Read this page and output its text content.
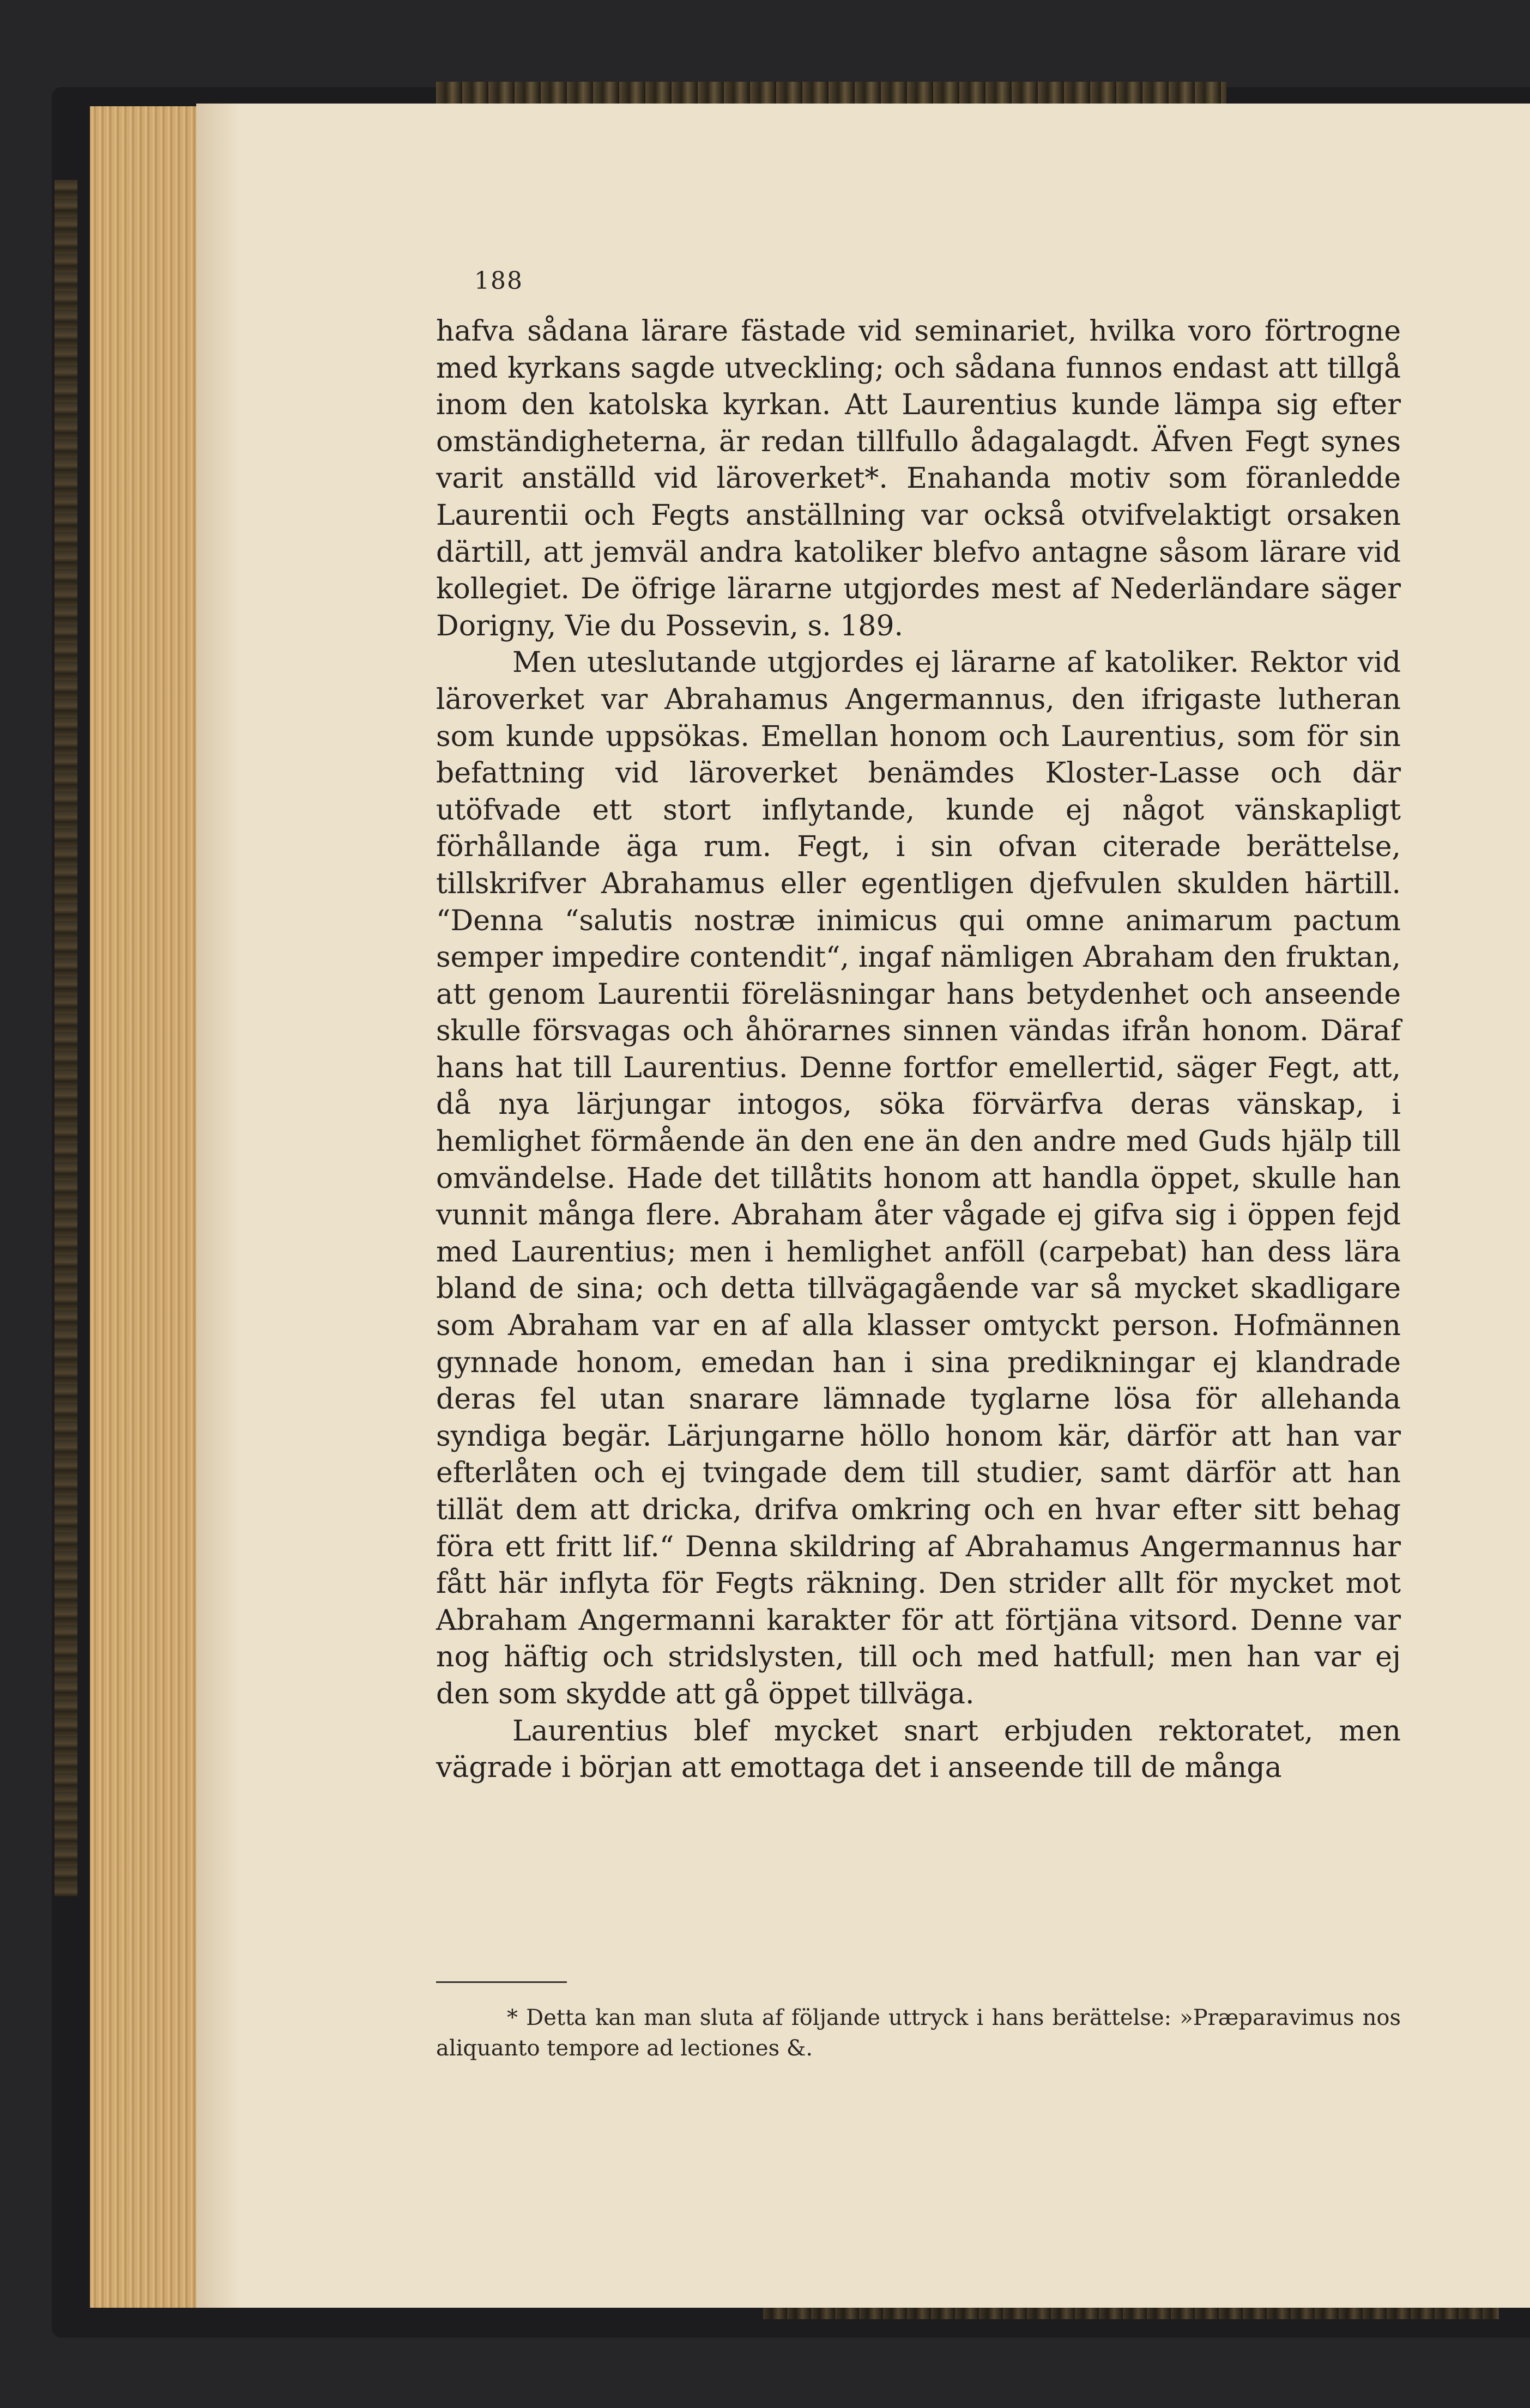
188

hafva sådana lärare fästade vid seminariet, hvilka voro förtrogne med kyrkans sagde utveckling; och sådana funnos endast att tillgå inom den katolska kyrkan. Att Laurentius kunde lämpa sig efter omständigheterna, är redan tillfullo ådagalagdt. Äfven Fegt synes varit anställd vid läroverket*. Enahanda motiv som föranledde Laurentii och Fegts anställning var också otvifvelaktigt orsaken därtill, att jemväl andra katoliker blefvo antagne såsom lärare vid kollegiet. De öfrige lärarne utgjordes mest af Nederländare säger Dorigny, Vie du Possevin, s. 189.

Men uteslutande utgjordes ej lärarne af katoliker. Rektor vid läroverket var Abrahamus Angermannus, den ifrigaste lutheran som kunde uppsökas. Emellan honom och Laurentius, som för sin befattning vid läroverket benämdes Kloster-Lasse och där utöfvade ett stort inflytande, kunde ej något vänskapligt förhållande äga rum. Fegt, i sin ofvan citerade berättelse, tillskrifver Abrahamus eller egentligen djefvulen skulden härtill. “Denna “salutis nostræ inimicus qui omne animarum pactum semper impedire contendit“, ingaf nämligen Abraham den fruktan, att genom Laurentii föreläsningar hans betydenhet och anseende skulle försvagas och åhörarnes sinnen vändas ifrån honom. Däraf hans hat till Laurentius. Denne fortfor emellertid, säger Fegt, att, då nya lärjungar intogos, söka förvärfva deras vänskap, i hemlighet förmående än den ene än den andre med Guds hjälp till omvändelse. Hade det tillåtits honom att handla öppet, skulle han vunnit många flere. Abraham åter vågade ej gifva sig i öppen fejd med Laurentius; men i hemlighet anföll (carpebat) han dess lära bland de sina; och detta tillvägagående var så mycket skadligare som Abraham var en af alla klasser omtyckt person. Hofmännen gynnade honom, emedan han i sina predikningar ej klandrade deras fel utan snarare lämnade tyglarne lösa för allehanda syndiga begär. Lärjungarne höllo honom kär, därför att han var efterlåten och ej tvingade dem till studier, samt därför att han tillät dem att dricka, drifva omkring och en hvar efter sitt behag föra ett fritt lif.“ Denna skildring af Abrahamus Angermannus har fått här inflyta för Fegts räkning. Den strider allt för mycket mot Abraham Angermanni karakter för att förtjäna vitsord. Denne var nog häftig och stridslysten, till och med hatfull; men han var ej den som skydde att gå öppet tillväga.

Laurentius blef mycket snart erbjuden rektoratet, men vägrade i början att emottaga det i anseende till de många

* Detta kan man sluta af följande uttryck i hans berättelse: »Præparavimus nos aliquanto tempore ad lectiones &.
